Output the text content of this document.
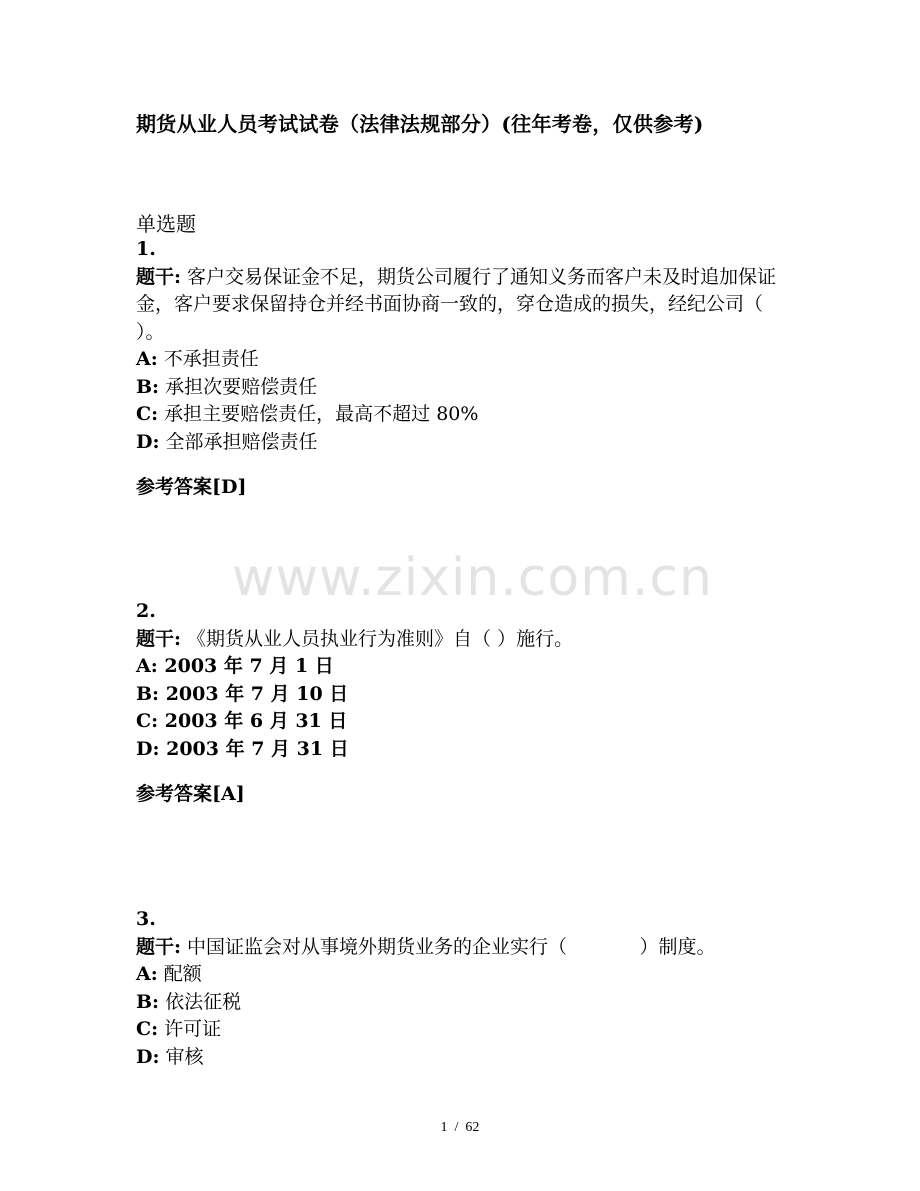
期货从业人员考试试卷（法律法规部分）(往年考卷，仅供参考)
单选题
1.
题干: 客户交易保证金不足，期货公司履行了通知义务而客户未及时追加保证金，客户要求保留持仓并经书面协商一致的，穿仓造成的损失，经纪公司（ ）。
A: 不承担责任
B: 承担次要赔偿责任
C: 承担主要赔偿责任，最高不超过 80%
D: 全部承担赔偿责任
参考答案[D]
www.zixin.com.cn
2.
题干: 《期货从业人员执业行为准则》自（ ）施行。
A: 2003 年 7 月 1 日
B: 2003 年 7 月 10 日
C: 2003 年 6 月 31 日
D: 2003 年 7 月 31 日
参考答案[A]
3.
题干: 中国证监会对从事境外期货业务的企业实行（            ）制度。
A: 配额
B: 依法征税
C: 许可证
D: 审核
1  /  62
